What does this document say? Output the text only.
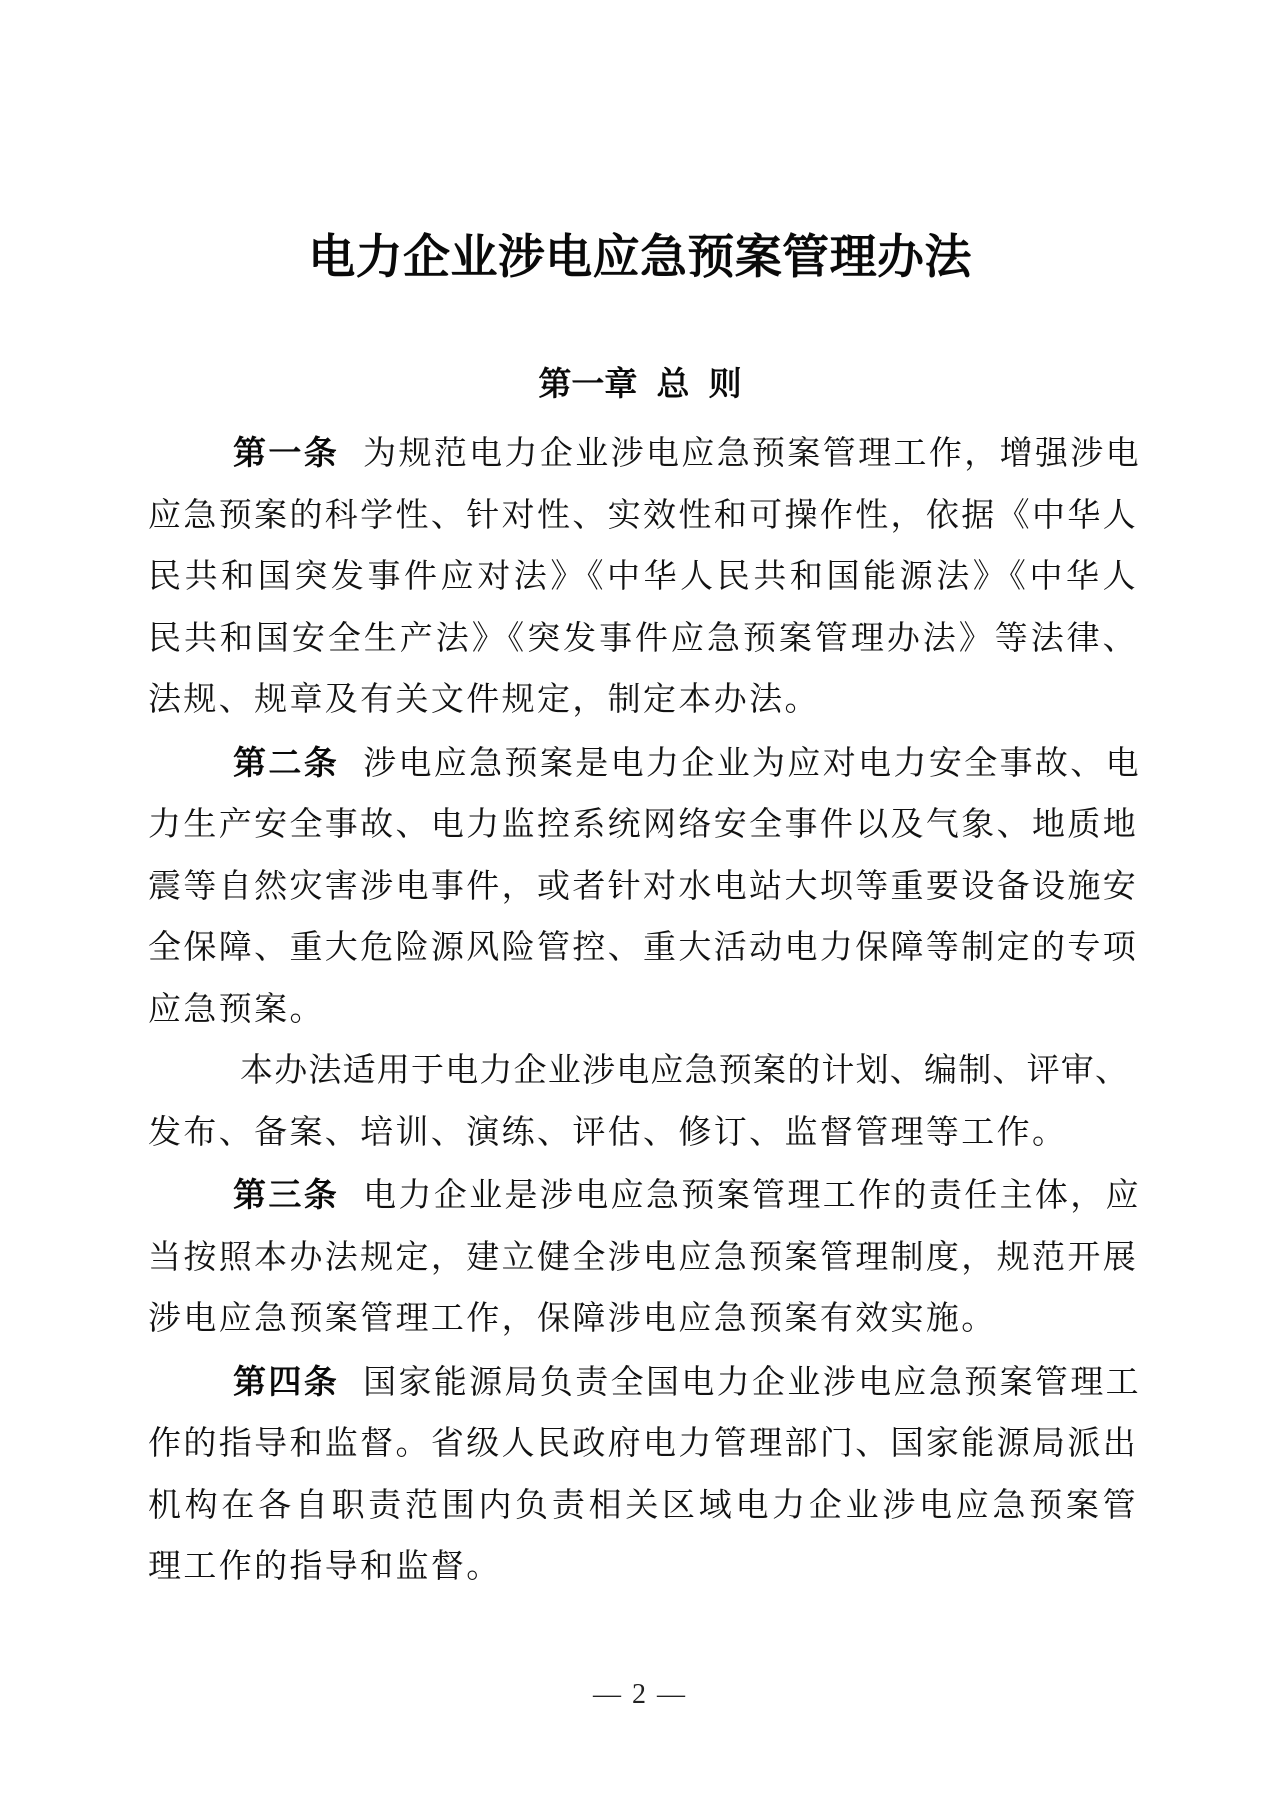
电力企业涉电应急预案管理办法
第一章 总 则
第一条 为规范电力企业涉电应急预案管理工作，增强涉电
应急预案的科学性、针对性、实效性和可操作性，依据《中华人
民共和国突发事件应对法》《中华人民共和国能源法》《中华人
民共和国安全生产法》《突发事件应急预案管理办法》等法律、
法规、规章及有关文件规定，制定本办法。
第二条 涉电应急预案是电力企业为应对电力安全事故、电
力生产安全事故、电力监控系统网络安全事件以及气象、地质地
震等自然灾害涉电事件，或者针对水电站大坝等重要设备设施安
全保障、重大危险源风险管控、重大活动电力保障等制定的专项
应急预案。
本办法适用于电力企业涉电应急预案的计划、编制、评审、
发布、备案、培训、演练、评估、修订、监督管理等工作。
第三条 电力企业是涉电应急预案管理工作的责任主体，应
当按照本办法规定，建立健全涉电应急预案管理制度，规范开展
涉电应急预案管理工作，保障涉电应急预案有效实施。
第四条 国家能源局负责全国电力企业涉电应急预案管理工
作的指导和监督。省级人民政府电力管理部门、国家能源局派出
机构在各自职责范围内负责相关区域电力企业涉电应急预案管
理工作的指导和监督。
— 2 —
